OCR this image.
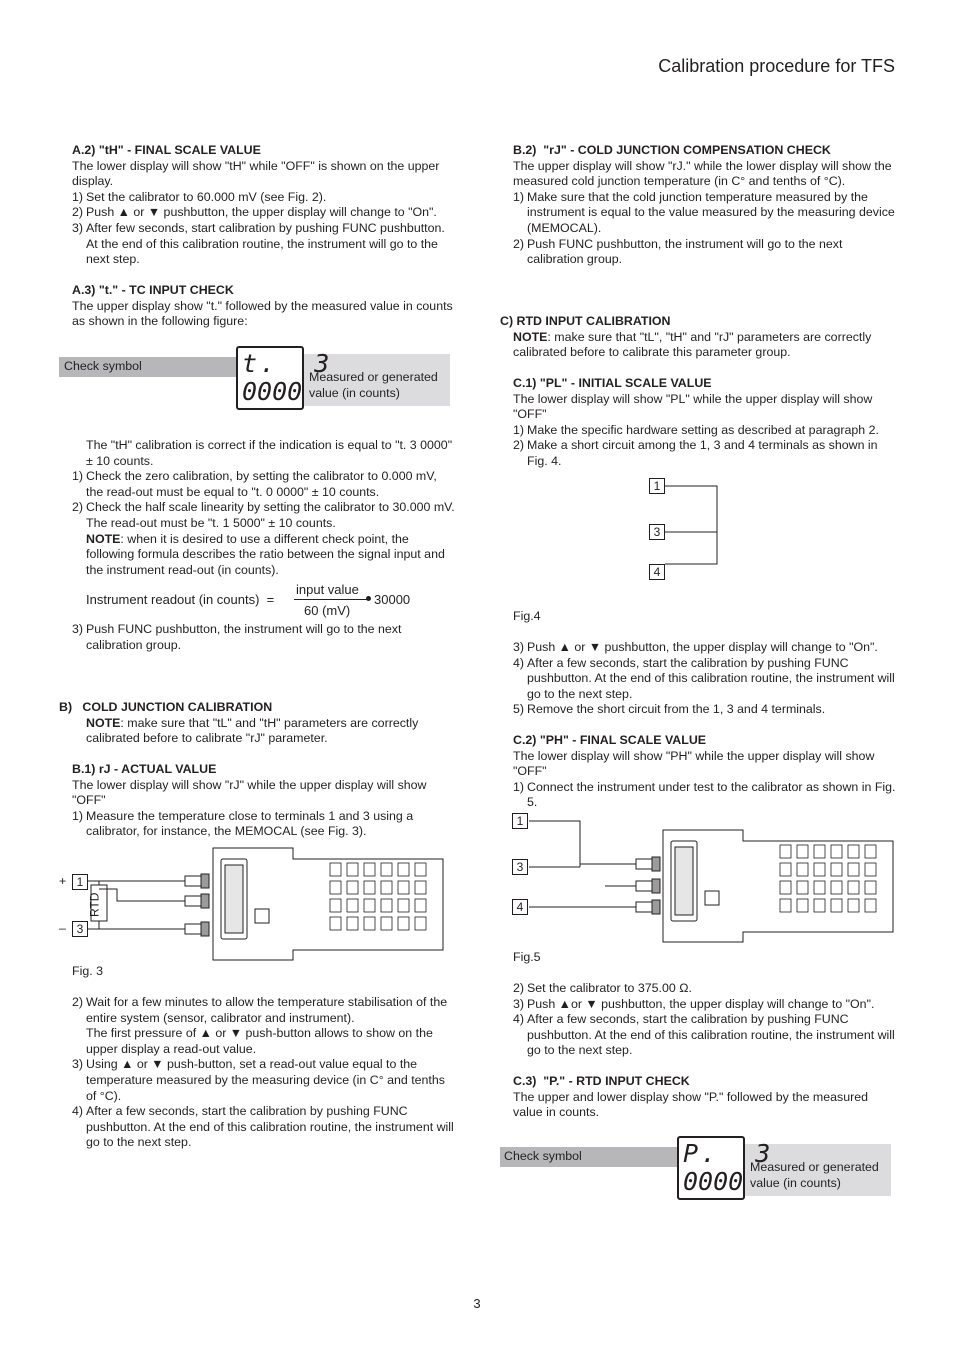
Calibration procedure for TFS
A.2) "tH" - FINAL SCALE VALUE
The lower display will show "tH" while "OFF" is shown on the upper display.
1) Set the calibrator to 60.000 mV (see Fig. 2).
2) Push ▲ or ▼ pushbutton, the upper display will change to "On".
3) After few seconds, start calibration by pushing FUNC pushbutton. At the end of this calibration routine, the instrument will go to the next step.
A.3) "t." - TC INPUT CHECK
The upper display show "t." followed by the measured value in counts as shown in the following figure:
Check symbol
Measured or generated value (in counts)
t.  3
0000
The "tH" calibration is correct if the indication is equal to "t. 3 0000" ± 10 counts.
1) Check the zero calibration, by setting the calibrator to 0.000 mV, the read-out must be equal to "t. 0 0000" ± 10 counts.
2) Check the half scale linearity by setting the calibrator to 30.000 mV. The read-out must be "t. 1 5000" ± 10 counts.
NOTE: when it is desired to use a different check point, the following formula describes the ratio between the signal input and the instrument read-out (in counts).
Instrument readout (in counts)  =
input value
60 (mV)
30000
3) Push FUNC pushbutton, the instrument will go to the next calibration group.
B)   COLD JUNCTION CALIBRATION
NOTE: make sure that "tL" and "tH" parameters are correctly calibrated before to calibrate "rJ" parameter.
B.1) rJ - ACTUAL VALUE
The lower display will show "rJ" while the upper display will show "OFF"
1) Measure the temperature close to terminals 1 and 3 using a calibrator, for instance, the MEMOCAL (see Fig. 3).
+
–
1
3
RTD
Fig. 3
2) Wait for a few minutes to allow the temperature stabilisation of the entire system (sensor, calibrator and instrument).
The first pressure of ▲ or ▼ push-button allows to show on the upper display a read-out value.
3) Using ▲ or ▼ push-button, set a read-out value equal to the temperature measured by the measuring device (in C° and tenths of °C).
4) After a few seconds, start the calibration by pushing FUNC pushbutton. At the end of this calibration routine, the instrument will go to the next step.
B.2)  "rJ" - COLD JUNCTION COMPENSATION CHECK
The upper display will show "rJ." while the lower display will show the measured cold junction temperature (in C° and tenths of °C).
1) Make sure that the cold junction temperature measured by the instrument is equal to the value measured by the measuring device (MEMOCAL).
2) Push FUNC pushbutton, the instrument will go to the next calibration group.
C) RTD INPUT CALIBRATION
NOTE: make sure that "tL", "tH" and "rJ" parameters are correctly calibrated before to calibrate this parameter group.
C.1) "PL" - INITIAL SCALE VALUE
The lower display will show "PL" while the upper display will show "OFF"
1) Make the specific hardware setting as described at paragraph 2.
2) Make a short circuit among the 1, 3 and 4 terminals as shown in Fig. 4.
1
3
4
Fig.4
3) Push ▲ or ▼ pushbutton, the upper display will change to "On".
4) After a few seconds, start the calibration by pushing FUNC pushbutton. At the end of this calibration routine, the instrument will go to the next step.
5) Remove the short circuit from the 1, 3 and 4 terminals.
C.2) "PH" - FINAL SCALE VALUE
The lower display will show "PH" while the upper display will show "OFF"
1) Connect the instrument under test to the calibrator as shown in Fig. 5.
1
3
4
Fig.5
2) Set the calibrator to 375.00 Ω.
3) Push ▲or ▼ pushbutton, the upper display will change to "On".
4) After a few seconds, start the calibration by pushing FUNC pushbutton. At the end of this calibration routine, the instrument will go to the next step.
C.3)  "P." - RTD INPUT CHECK
The upper and lower display show "P." followed by the measured value in counts.
Check symbol
Measured or generated value (in counts)
P.  3
0000
3
